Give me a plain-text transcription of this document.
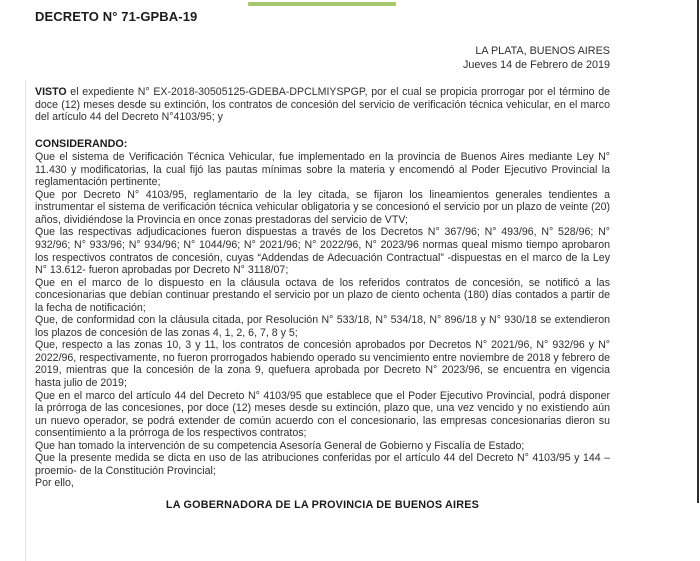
DECRETO N° 71-GPBA-19
LA PLATA, BUENOS AIRES
Jueves 14 de Febrero de 2019

VISTO el expediente N° EX-2018-30505125-GDEBA-DPCLMIYSPGP, por el cual se propicia prorrogar por el término de doce (12) meses desde su extinción, los contratos de concesión del servicio de verificación técnica vehicular, en el marco del artículo 44 del Decreto N°4103/95; y

CONSIDERANDO:

Que el sistema de Verificación Técnica Vehicular, fue implementado en la provincia de Buenos Aires mediante Ley N° 11.430 y modificatorias, la cual fijó las pautas mínimas sobre la materia y encomendó al Poder Ejecutivo Provincial la reglamentación pertinente;

Que por Decreto N° 4103/95, reglamentario de la ley citada, se fijaron los lineamientos generales tendientes a instrumentar el sistema de verificación técnica vehicular obligatoria y se concesionó el servicio por un plazo de veinte (20) años, dividiéndose la Provincia en once zonas prestadoras del servicio de VTV;

Que las respectivas adjudicaciones fueron dispuestas a través de los Decretos N° 367/96; N° 493/96, N° 528/96; N° 932/96; N° 933/96; N° 934/96; N° 1044/96; N° 2021/96; N° 2022/96, N° 2023/96 normas queal mismo tiempo aprobaron los respectivos contratos de concesión, cuyas “Addendas de Adecuación Contractual” -dispuestas en el marco de la Ley N° 13.612- fueron aprobadas por Decreto N° 3118/07;

Que en el marco de lo dispuesto en la cláusula octava de los referidos contratos de concesión, se notificó a las concesionarias que debían continuar prestando el servicio por un plazo de ciento ochenta (180) días contados a partir de la fecha de notificación;

Que, de conformidad con la cláusula citada, por Resolución N° 533/18, N° 534/18, N° 896/18 y N° 930/18 se extendieron los plazos de concesión de las zonas 4, 1, 2, 6, 7, 8 y 5;

Que, respecto a las zonas 10, 3 y 11, los contratos de concesión aprobados por Decretos N° 2021/96, N° 932/96 y N° 2022/96, respectivamente, no fueron prorrogados habiendo operado su vencimiento entre noviembre de 2018 y febrero de 2019, mientras que la concesión de la zona 9, quefuera aprobada por Decreto N° 2023/96, se encuentra en vigencia hasta julio de 2019;

Que en el marco del artículo 44 del Decreto N° 4103/95 que establece que el Poder Ejecutivo Provincial, podrá disponer la prórroga de las concesiones, por doce (12) meses desde su extinción, plazo que, una vez vencido y no existiendo aún un nuevo operador, se podrá extender de común acuerdo con el concesionario, las empresas concesionarias dieron su consentimiento a la prórroga de los respectivos contratos;

Que han tomado la intervención de su competencia Asesoría General de Gobierno y Fiscalía de Estado;

Que la presente medida se dicta en uso de las atribuciones conferidas por el artículo 44 del Decreto N° 4103/95 y 144 – proemio- de la Constitución Provincial;

Por ello,

LA GOBERNADORA DE LA PROVINCIA DE BUENOS AIRES
